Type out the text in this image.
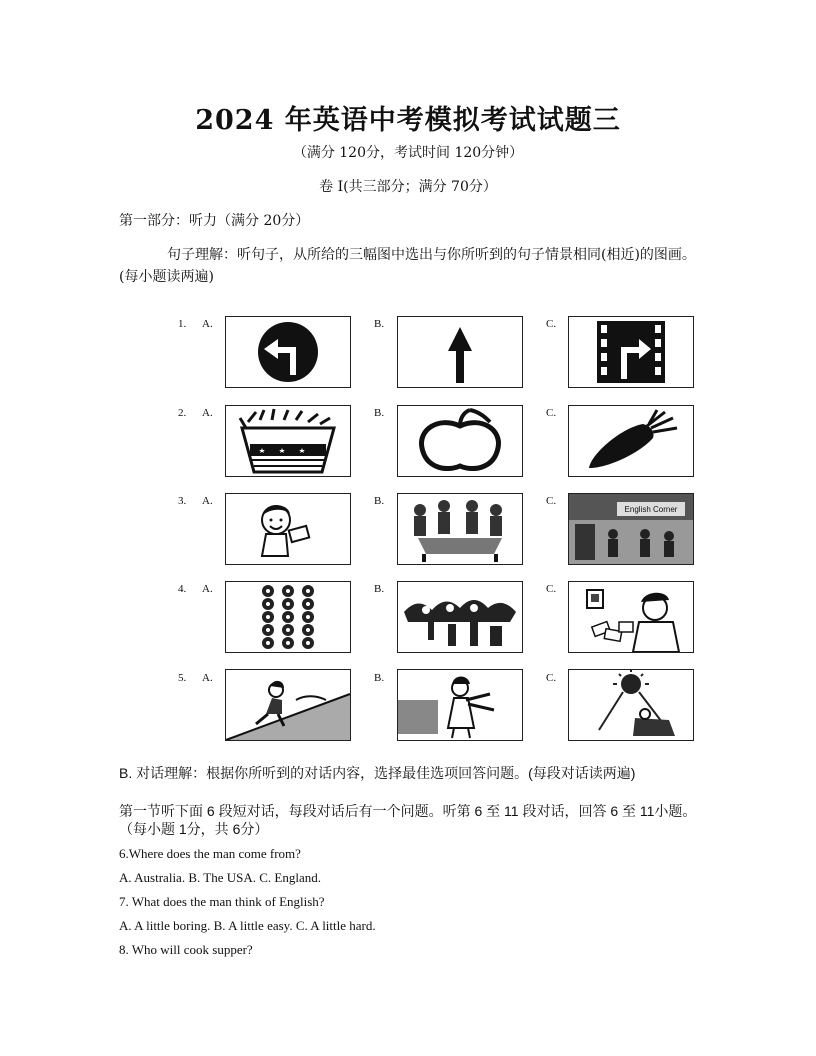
2024 年英语中考模拟考试试题三
（满分 120分，考试时间 120分钟）
卷 I(共三部分；满分 70分）
第一部分：听力（满分 20分）
句子理解：听句子，从所给的三幅图中选出与你所听到的句子情景相同(相近)的图画。(每小题读两遍)
1. A.	B.	C.
2. A.	B.	C.
3. A.	B.	C.
English Corner
4. A.	B.	C.
5. A.	B.	C.
B. 对话理解：根据你所听到的对话内容，选择最佳选项回答问题。(每段对话读两遍)
第一节听下面 6 段短对话，每段对话后有一个问题。听第 6 至 11 段对话，回答 6 至 11小题。（每小题 1分，共 6分）
6.Where does the man come from?
A. Australia. B. The USA. C. England.
7. What does the man think of English?
A. A little boring. B. A little easy. C. A little hard.
8. Who will cook supper?
